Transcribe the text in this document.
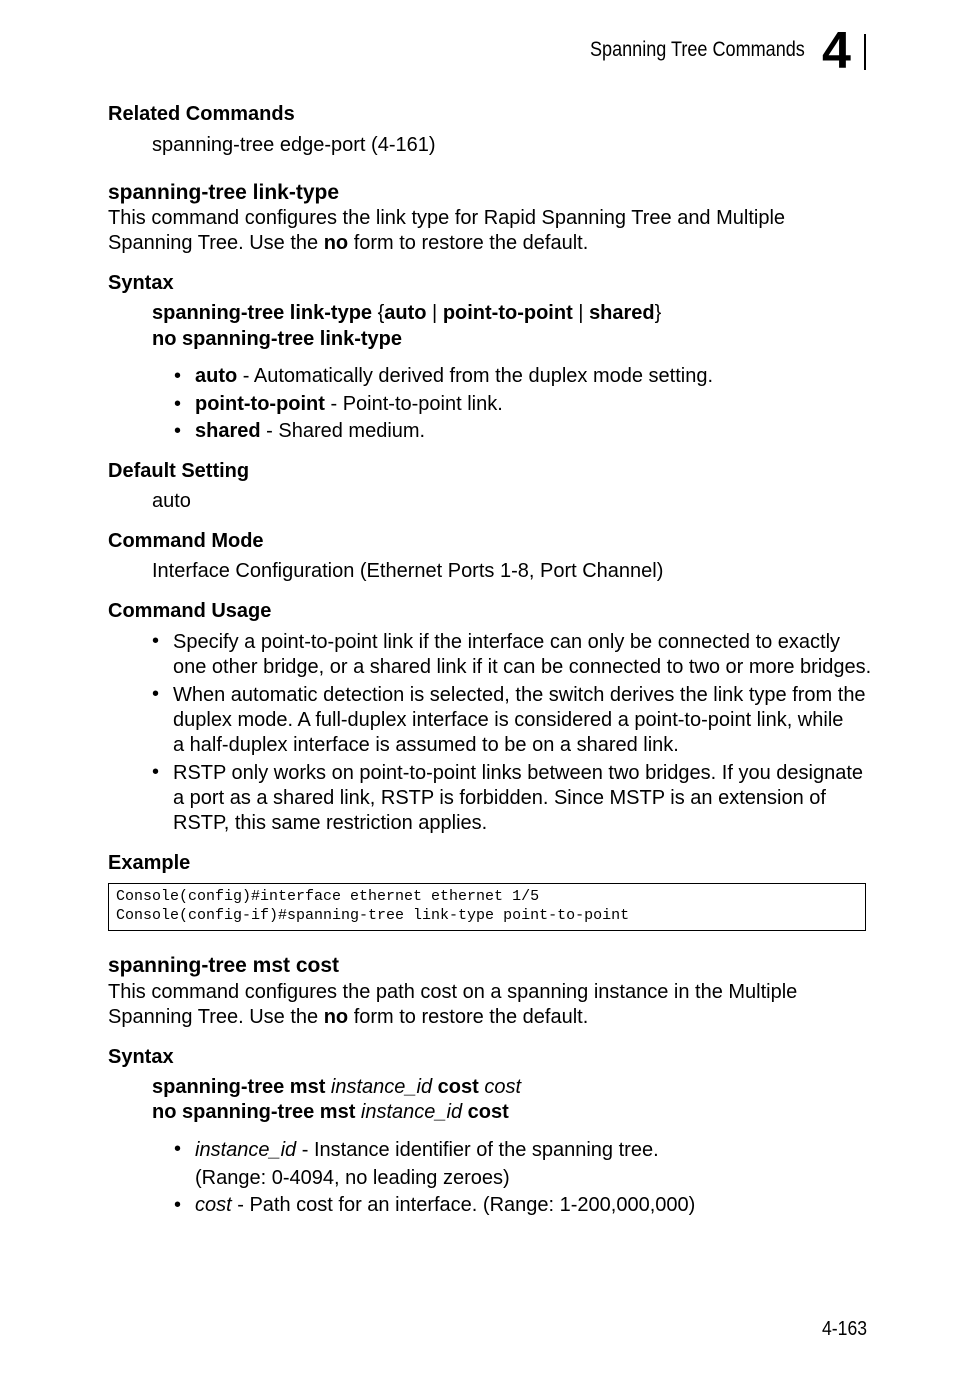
Spanning Tree Commands 4
Related Commands
spanning-tree edge-port (4-161)
spanning-tree link-type
This command configures the link type for Rapid Spanning Tree and Multiple
Spanning Tree. Use the no form to restore the default.
Syntax
spanning-tree link-type {auto | point-to-point | shared}
no spanning-tree link-type
• auto - Automatically derived from the duplex mode setting.
• point-to-point - Point-to-point link.
• shared - Shared medium.
Default Setting
auto
Command Mode
Interface Configuration (Ethernet Ports 1-8, Port Channel)
Command Usage
• Specify a point-to-point link if the interface can only be connected to exactly
one other bridge, or a shared link if it can be connected to two or more bridges.
• When automatic detection is selected, the switch derives the link type from the
duplex mode. A full-duplex interface is considered a point-to-point link, while
a half-duplex interface is assumed to be on a shared link.
• RSTP only works on point-to-point links between two bridges. If you designate
a port as a shared link, RSTP is forbidden. Since MSTP is an extension of
RSTP, this same restriction applies.
Example
Console(config)#interface ethernet ethernet 1/5
Console(config-if)#spanning-tree link-type point-to-point
spanning-tree mst cost
This command configures the path cost on a spanning instance in the Multiple
Spanning Tree. Use the no form to restore the default.
Syntax
spanning-tree mst instance_id cost cost
no spanning-tree mst instance_id cost
• instance_id - Instance identifier of the spanning tree.
(Range: 0-4094, no leading zeroes)
• cost - Path cost for an interface. (Range: 1-200,000,000)
4-163
